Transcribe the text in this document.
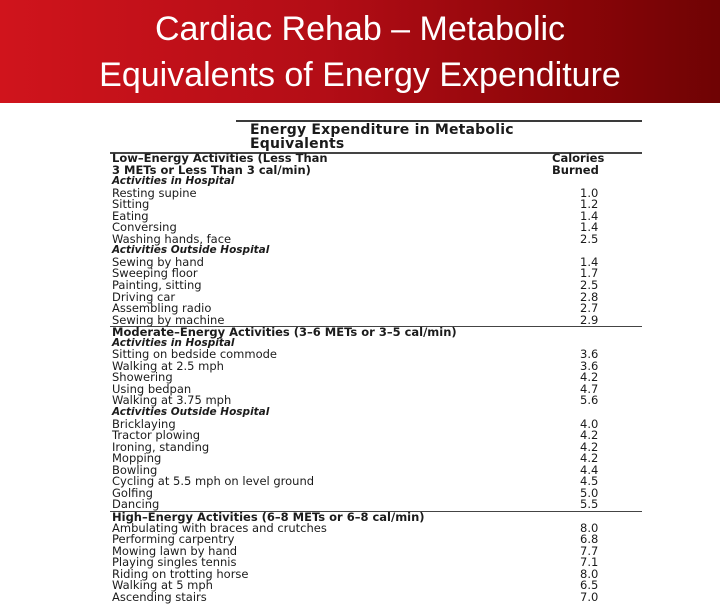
Cardiac Rehab – Metabolic
Equivalents of Energy Expenditure
Energy Expenditure in Metabolic
Equivalents
Low–Energy Activities (Less Than	Calories
3 METs or Less Than 3 cal/min)	Burned
Activities in Hospital
Resting supine	1.0
Sitting	1.2
Eating	1.4
Conversing	1.4
Washing hands, face	2.5
Activities Outside Hospital
Sewing by hand	1.4
Sweeping floor	1.7
Painting, sitting	2.5
Driving car	2.8
Assembling radio	2.7
Sewing by machine	2.9
Moderate–Energy Activities (3–6 METs or 3–5 cal/min)
Activities in Hospital
Sitting on bedside commode	3.6
Walking at 2.5 mph	3.6
Showering	4.2
Using bedpan	4.7
Walking at 3.75 mph	5.6
Activities Outside Hospital
Bricklaying	4.0
Tractor plowing	4.2
Ironing, standing	4.2
Mopping	4.2
Bowling	4.4
Cycling at 5.5 mph on level ground	4.5
Golfing	5.0
Dancing	5.5
High–Energy Activities (6–8 METs or 6–8 cal/min)
Ambulating with braces and crutches	8.0
Performing carpentry	6.8
Mowing lawn by hand	7.7
Playing singles tennis	7.1
Riding on trotting horse	8.0
Walking at 5 mph	6.5
Ascending stairs	7.0
